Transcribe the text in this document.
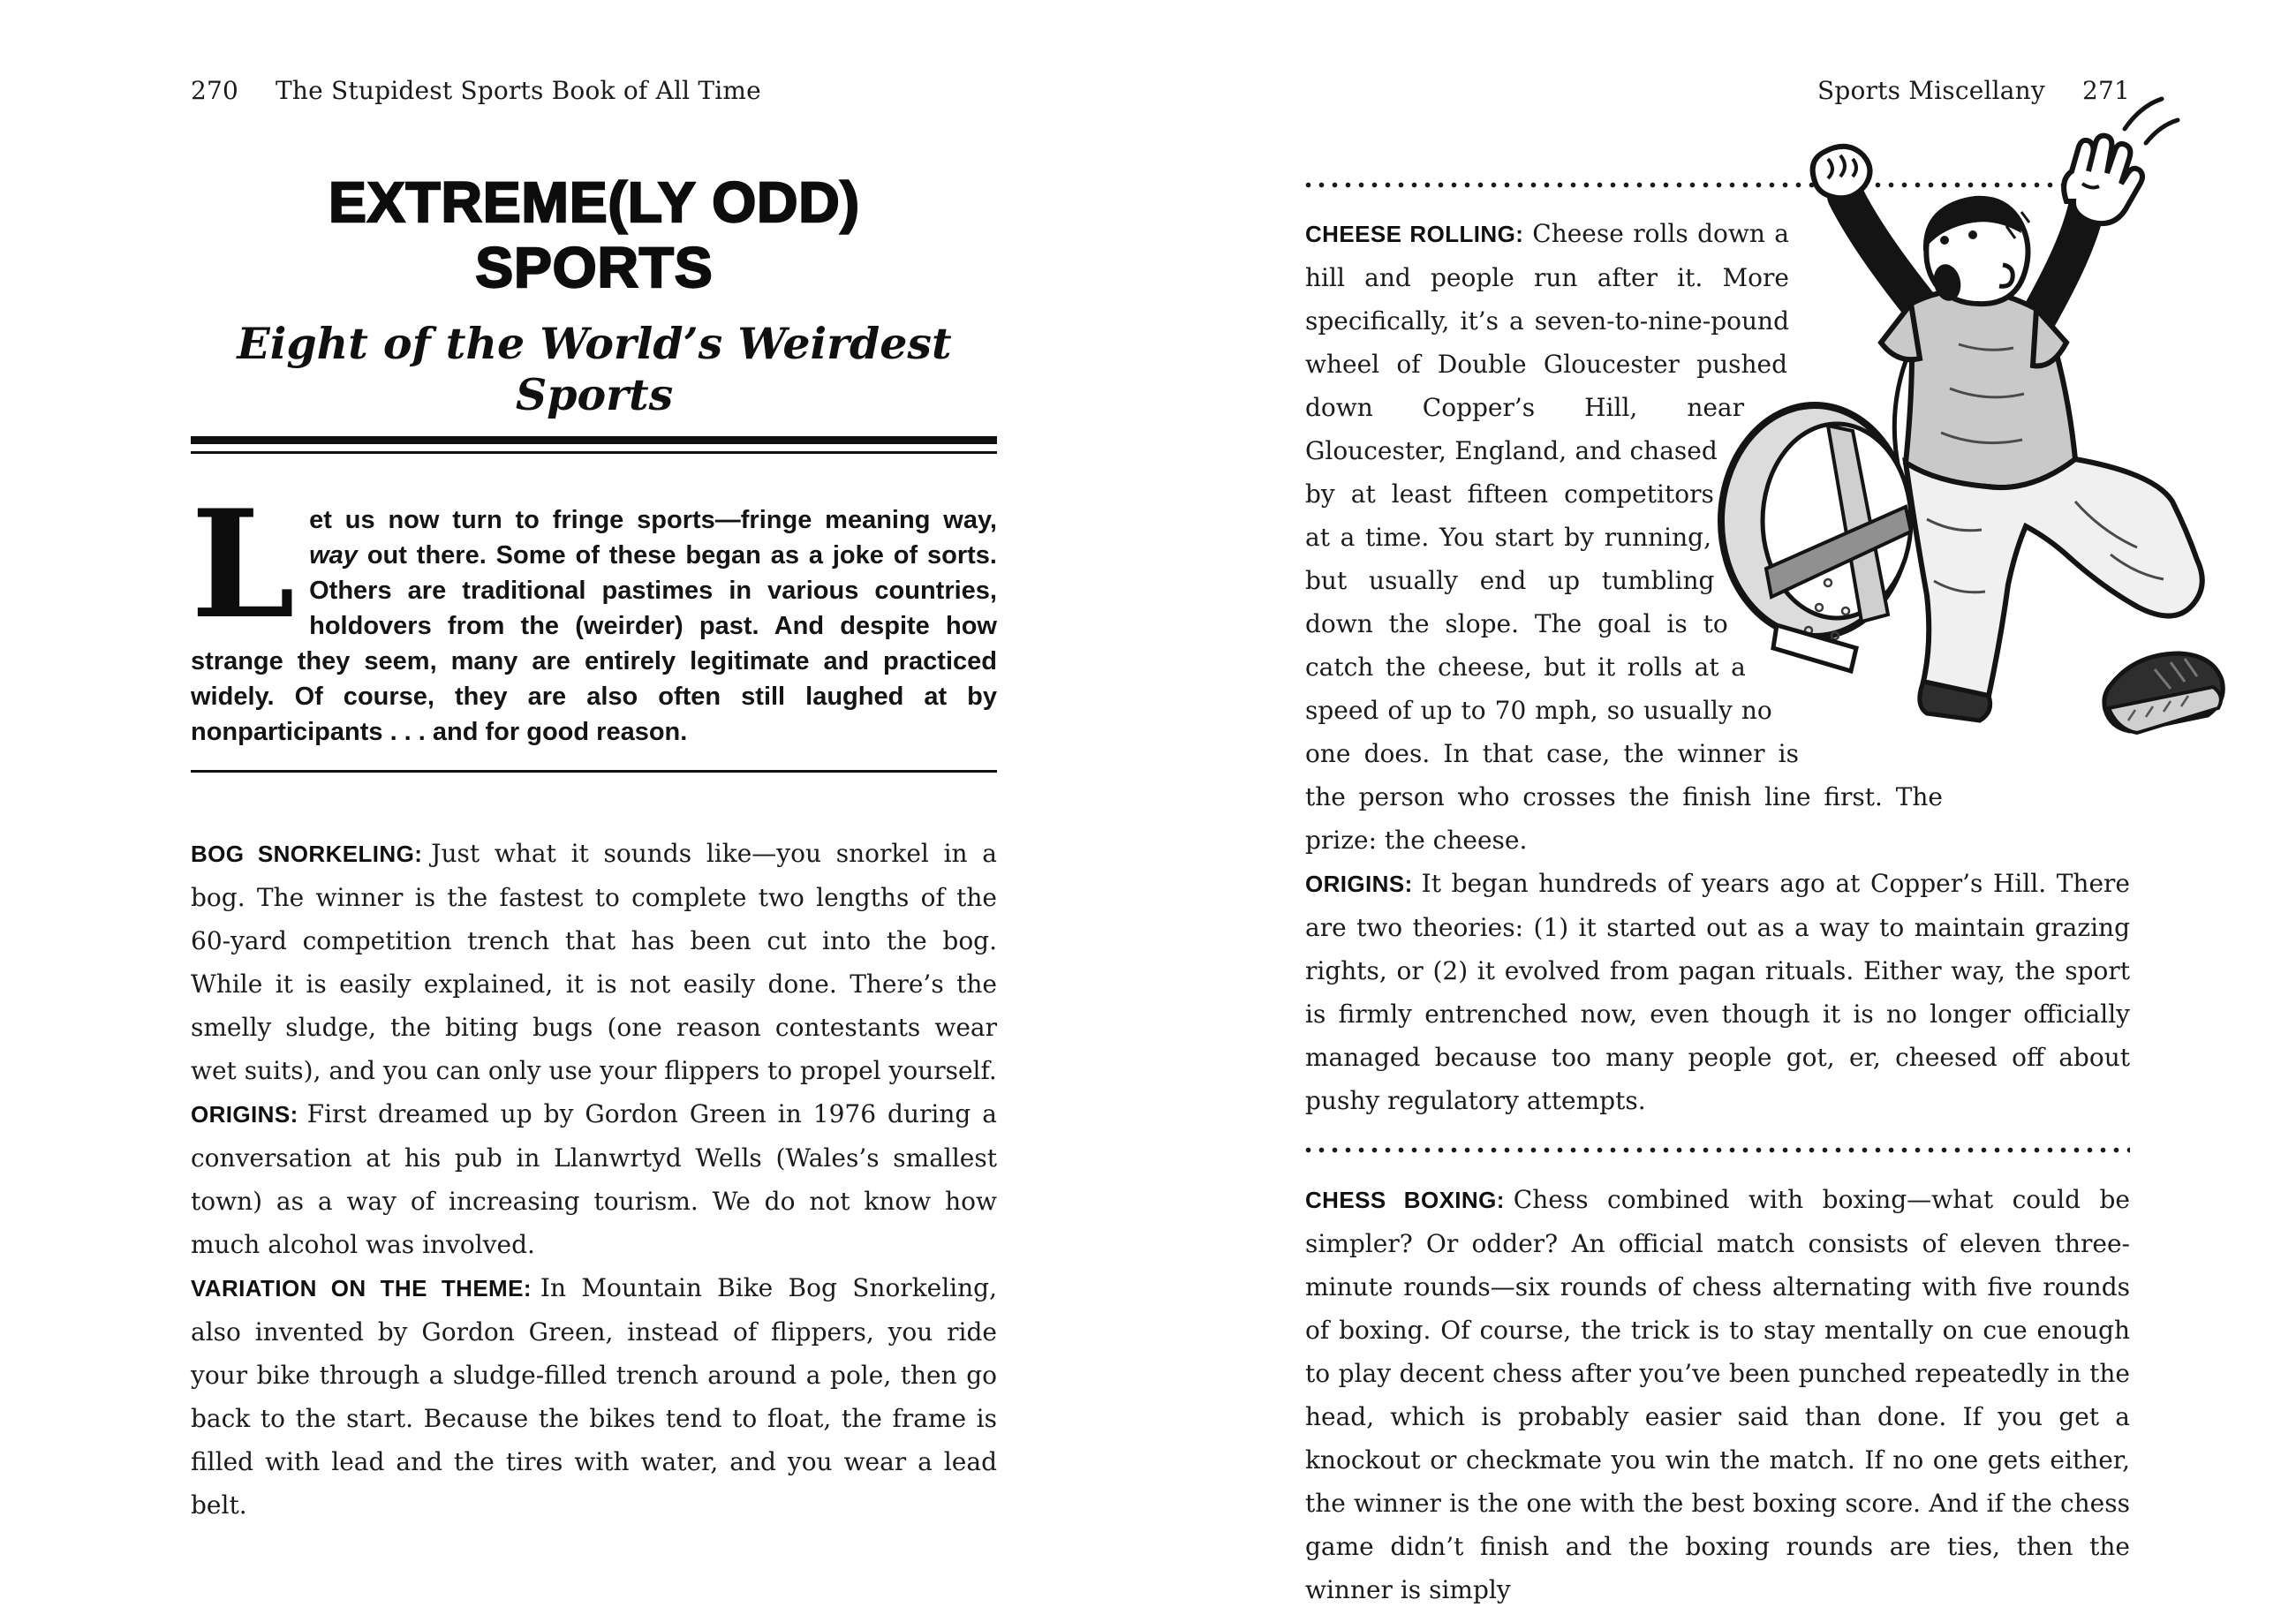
270 The Stupidest Sports Book of All Time
EXTREME(LY ODD)
SPORTS
Eight of the World’s Weirdest Sports

Let us now turn to fringe sports—fringe meaning way, way out there. Some of these began as a joke of sorts. Others are traditional pastimes in various countries, holdovers from the (weirder) past. And despite how strange they seem, many are entirely legitimate and practiced widely. Of course, they are also often still laughed at by nonparticipants . . . and for good reason.

BOG SNORKELING: Just what it sounds like—you snorkel in a bog. The winner is the fastest to complete two lengths of the 60-yard competition trench that has been cut into the bog. While it is easily explained, it is not easily done. There’s the smelly sludge, the biting bugs (one reason contestants wear wet suits), and you can only use your flippers to propel yourself.

ORIGINS: First dreamed up by Gordon Green in 1976 during a conversation at his pub in Llanwrtyd Wells (Wales’s smallest town) as a way of increasing tourism. We do not know how much alcohol was involved.

VARIATION ON THE THEME: In Mountain Bike Bog Snorkeling, also invented by Gordon Green, instead of flippers, you ride your bike through a sludge-filled trench around a pole, then go back to the start. Because the bikes tend to float, the frame is filled with lead and the tires with water, and you wear a lead belt.

Sports Miscellany 271

CHEESE ROLLING: Cheese rolls down a hill and people run after it. More specifically, it’s a seven-to-nine-pound wheel of Double Gloucester pushed down Copper’s Hill, near Gloucester, England, and chased by at least fifteen competitors at a time. You start by running, but usually end up tumbling down the slope. The goal is to catch the cheese, but it rolls at a speed of up to 70 mph, so usually no one does. In that case, the winner is the person who crosses the finish line first. The prize: the cheese.

ORIGINS: It began hundreds of years ago at Copper’s Hill. There are two theories: (1) it started out as a way to maintain grazing rights, or (2) it evolved from pagan rituals. Either way, the sport is firmly entrenched now, even though it is no longer officially managed because too many people got, er, cheesed off about pushy regulatory attempts.

CHESS BOXING: Chess combined with boxing—what could be simpler? Or odder? An official match consists of eleven three-minute rounds—six rounds of chess alternating with five rounds of boxing. Of course, the trick is to stay mentally on cue enough to play decent chess after you’ve been punched repeatedly in the head, which is probably easier said than done. If you get a knockout or checkmate you win the match. If no one gets either, the winner is the one with the best boxing score. And if the chess game didn’t finish and the boxing rounds are ties, then the winner is simply
